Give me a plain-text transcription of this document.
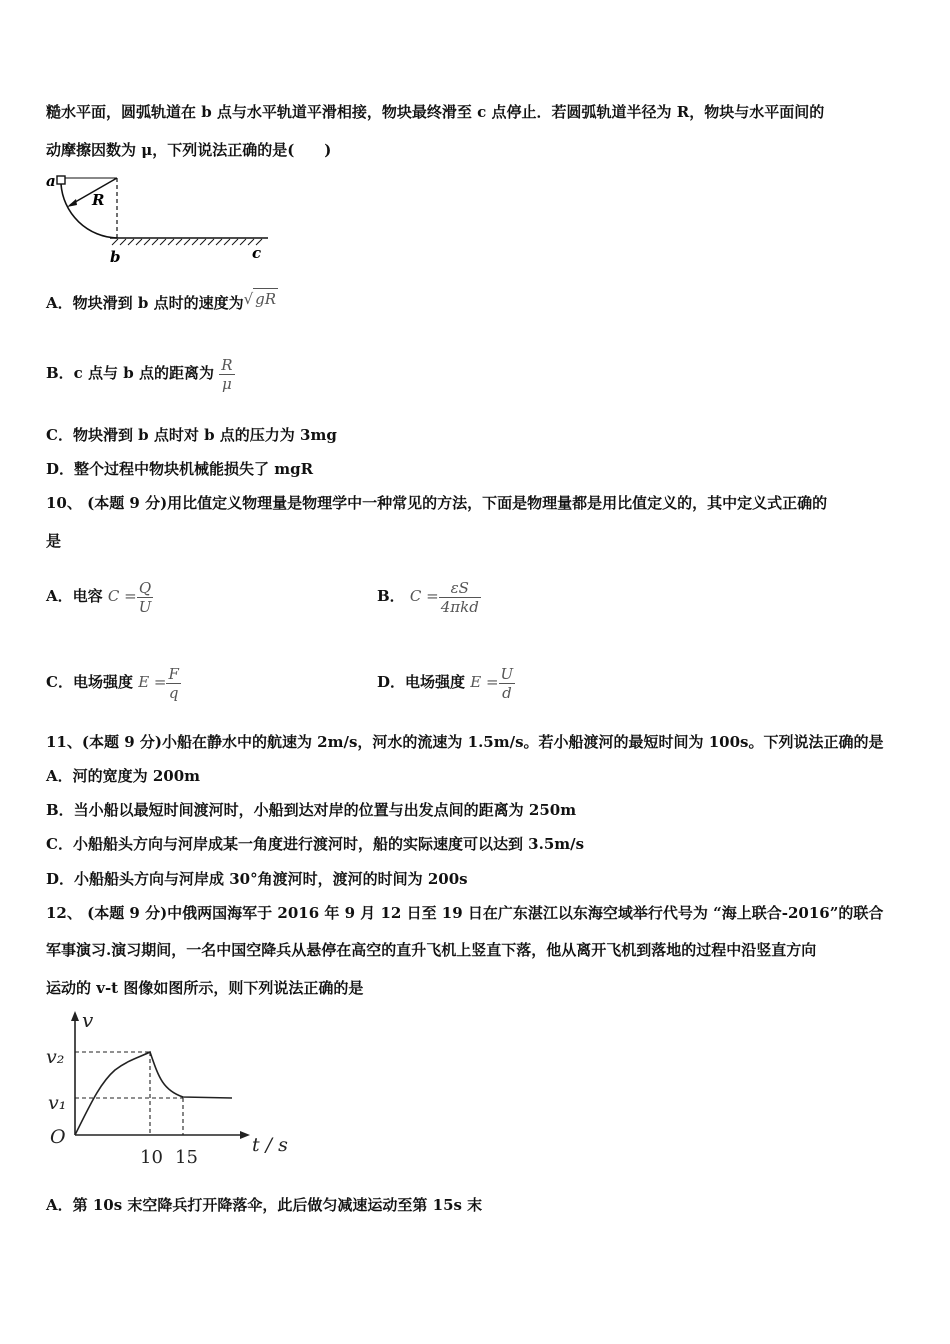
糙水平面，圆弧轨道在 b 点与水平轨道平滑相接，物块最终滑至 c 点停止．若圆弧轨道半径为 R，物块与水平面间的
动摩擦因数为 μ，下列说法正确的是(　　)
a
R
b	c
A．物块滑到 b 点时的速度为√ gR
B．c 点与 b 点的距离为 $\frac{R}{\mu}$
C．物块滑到 b 点时对 b 点的压力为 3mg
D．整个过程中物块机械能损失了 mgR
10、 (本题 9 分)用比值定义物理量是物理学中一种常见的方法，下面是物理量都是用比值定义的，其中定义式正确的
是
A．电容 $C = \frac{Q}{U}$	B． C = εS
4πkd
C．电场强度 $E = \frac{F}{q}$	D．电场强度 $E = \frac{U}{d}$
11、(本题 9 分)小船在静水中的航速为 2m/s，河水的流速为 1.5m/s。若小船渡河的最短时间为 100s。下列说法正确的是
A．河的宽度为 200m
B．当小船以最短时间渡河时，小船到达对岸的位置与出发点间的距离为 250m
C．小船船头方向与河岸成某一角度进行渡河时，船的实际速度可以达到 3.5m/s
D．小船船头方向与河岸成 30°角渡河时，渡河的时间为 200s
12、 (本题 9 分)中俄两国海军于 2016 年 9 月 12 日至 19 日在广东湛江以东海空域举行代号为 “海上联合-2016”的联合
军事演习.演习期间，一名中国空降兵从悬停在高空的直升飞机上竖直下落，他从离开飞机到落地的过程中沿竖直方向
运动的 v-t 图像如图所示，则下列说法正确的是
v
v₂
v₁
O	t / s
10 15
A．第 10s 末空降兵打开降落伞，此后做匀减速运动至第 15s 末
